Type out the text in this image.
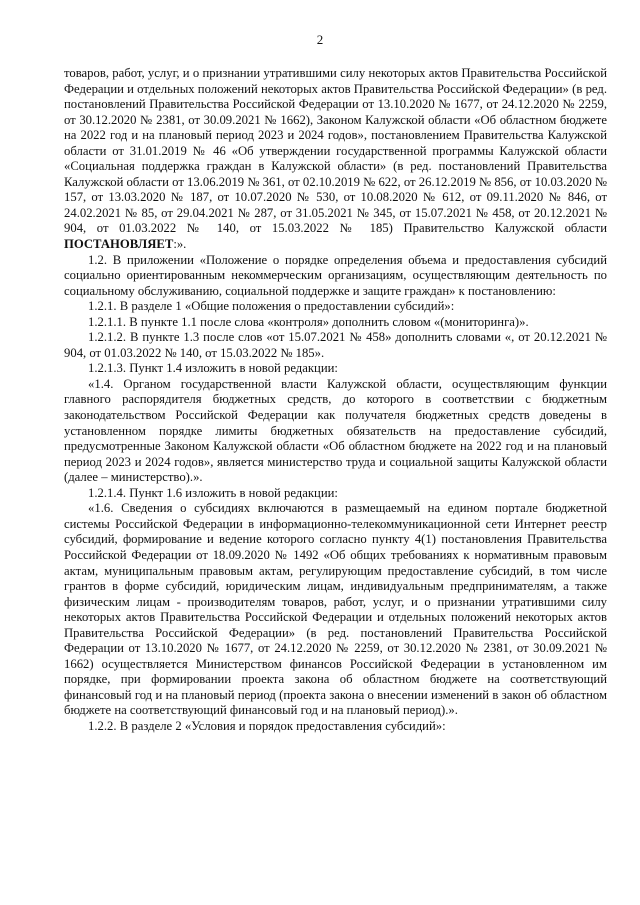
2

товаров, работ, услуг, и о признании утратившими силу некоторых актов Правительства Российской Федерации и отдельных положений некоторых актов Правительства Российской Федерации» (в ред. постановлений Правительства Российской Федерации от 13.10.2020 № 1677, от 24.12.2020 № 2259, от 30.12.2020 № 2381, от 30.09.2021 № 1662), Законом Калужской области «Об областном бюджете на 2022 год и на плановый период 2023 и 2024 годов», постановлением Правительства Калужской области от 31.01.2019 № 46 «Об утверждении государственной программы Калужской области «Социальная поддержка граждан в Калужской области» (в ред. постановлений Правительства Калужской области от 13.06.2019 № 361, от 02.10.2019 № 622, от 26.12.2019 № 856, от 10.03.2020 № 157, от 13.03.2020 № 187, от 10.07.2020 № 530, от 10.08.2020 № 612, от 09.11.2020 № 846, от 24.02.2021 № 85, от 29.04.2021 № 287, от 31.05.2021 № 345, от 15.07.2021 № 458, от 20.12.2021 № 904, от 01.03.2022 № 140, от 15.03.2022 № 185) Правительство Калужской области ПОСТАНОВЛЯЕТ:».

1.2. В приложении «Положение о порядке определения объема и предоставления субсидий социально ориентированным некоммерческим организациям, осуществляющим деятельность по социальному обслуживанию, социальной поддержке и защите граждан» к постановлению:

1.2.1. В разделе 1 «Общие положения о предоставлении субсидий»:

1.2.1.1. В пункте 1.1 после слова «контроля» дополнить словом «(мониторинга)».

1.2.1.2. В пункте 1.3 после слов «от 15.07.2021 № 458» дополнить словами «, от 20.12.2021 № 904, от 01.03.2022 № 140, от 15.03.2022 № 185».

1.2.1.3. Пункт 1.4 изложить в новой редакции:

«1.4. Органом государственной власти Калужской области, осуществляющим функции главного распорядителя бюджетных средств, до которого в соответствии с бюджетным законодательством Российской Федерации как получателя бюджетных средств доведены в установленном порядке лимиты бюджетных обязательств на предоставление субсидий, предусмотренные Законом Калужской области «Об областном бюджете на 2022 год и на плановый период 2023 и 2024 годов», является министерство труда и социальной защиты Калужской области (далее – министерство).».

1.2.1.4. Пункт 1.6 изложить в новой редакции:

«1.6. Сведения о субсидиях включаются в размещаемый на едином портале бюджетной системы Российской Федерации в информационно-телекоммуникационной сети Интернет реестр субсидий, формирование и ведение которого согласно пункту 4(1) постановления Правительства Российской Федерации от 18.09.2020 № 1492 «Об общих требованиях к нормативным правовым актам, муниципальным правовым актам, регулирующим предоставление субсидий, в том числе грантов в форме субсидий, юридическим лицам, индивидуальным предпринимателям, а также физическим лицам - производителям товаров, работ, услуг, и о признании утратившими силу некоторых актов Правительства Российской Федерации и отдельных положений некоторых актов Правительства Российской Федерации» (в ред. постановлений Правительства Российской Федерации от 13.10.2020 № 1677, от 24.12.2020 № 2259, от 30.12.2020 № 2381, от 30.09.2021 № 1662) осуществляется Министерством финансов Российской Федерации в установленном им порядке, при формировании проекта закона об областном бюджете на соответствующий финансовый год и на плановый период (проекта закона о внесении изменений в закон об областном бюджете на соответствующий финансовый год и на плановый период).».

1.2.2. В разделе 2 «Условия и порядок предоставления субсидий»:
